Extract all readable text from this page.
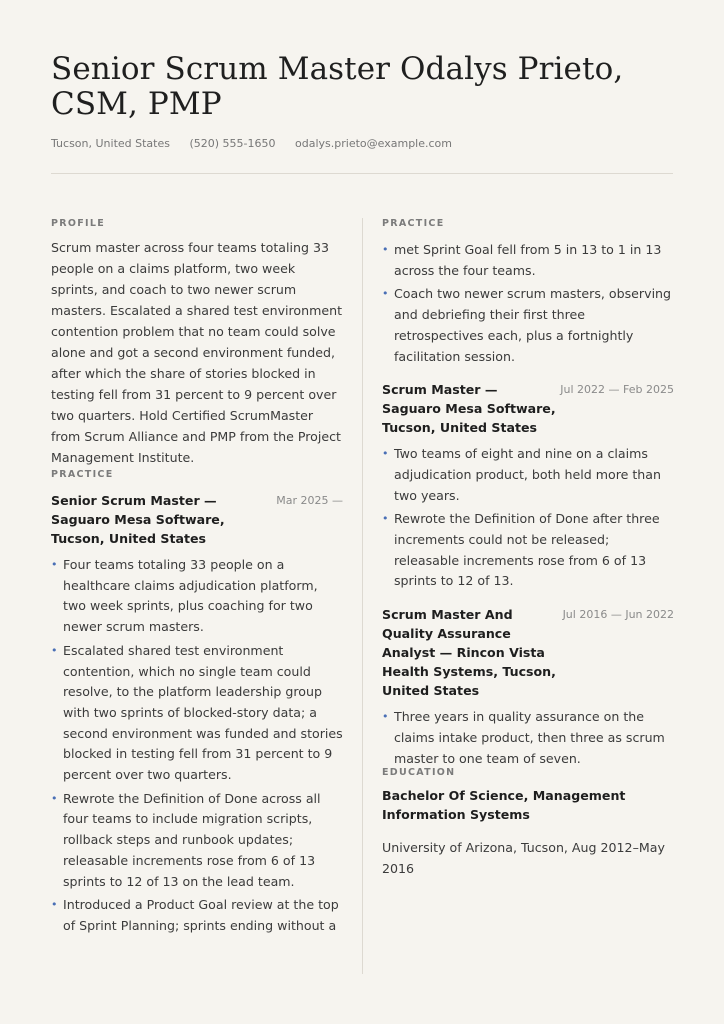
Senior Scrum Master Odalys Prieto, CSM, PMP
Tucson, United States (520) 555-1650 odalys.prieto@example.com
PROFILE

Scrum master across four teams totaling 33 people on a claims platform, two week sprints, and coach to two newer scrum masters. Escalated a shared test environment contention problem that no team could solve alone and got a second environment funded, after which the share of stories blocked in testing fell from 31 percent to 9 percent over two quarters. Hold Certified ScrumMaster from Scrum Alliance and PMP from the Project Management Institute.

PRACTICE
Senior Scrum Master — Saguaro Mesa Software, Tucson, United States
Mar 2025 —
• Four teams totaling 33 people on a healthcare claims adjudication platform, two week sprints, plus coaching for two newer scrum masters.
• Escalated shared test environment contention, which no single team could resolve, to the platform leadership group with two sprints of blocked-story data; a second environment was funded and stories blocked in testing fell from 31 percent to 9 percent over two quarters.
• Rewrote the Definition of Done across all four teams to include migration scripts, rollback steps and runbook updates; releasable increments rose from 6 of 13 sprints to 12 of 13 on the lead team.
• Introduced a Product Goal review at the top of Sprint Planning; sprints ending without a
PRACTICE
• met Sprint Goal fell from 5 in 13 to 1 in 13 across the four teams.
• Coach two newer scrum masters, observing and debriefing their first three retrospectives each, plus a fortnightly facilitation session.
Scrum Master — Saguaro Mesa Software, Tucson, United States
Jul 2022 — Feb 2025
• Two teams of eight and nine on a claims adjudication product, both held more than two years.
• Rewrote the Definition of Done after three increments could not be released; releasable increments rose from 6 of 13 sprints to 12 of 13.
Scrum Master And Quality Assurance Analyst — Rincon Vista Health Systems, Tucson, United States
Jul 2016 — Jun 2022
• Three years in quality assurance on the claims intake product, then three as scrum master to one team of seven.
EDUCATION
Bachelor Of Science, Management Information Systems
University of Arizona, Tucson, Aug 2012–May 2016
